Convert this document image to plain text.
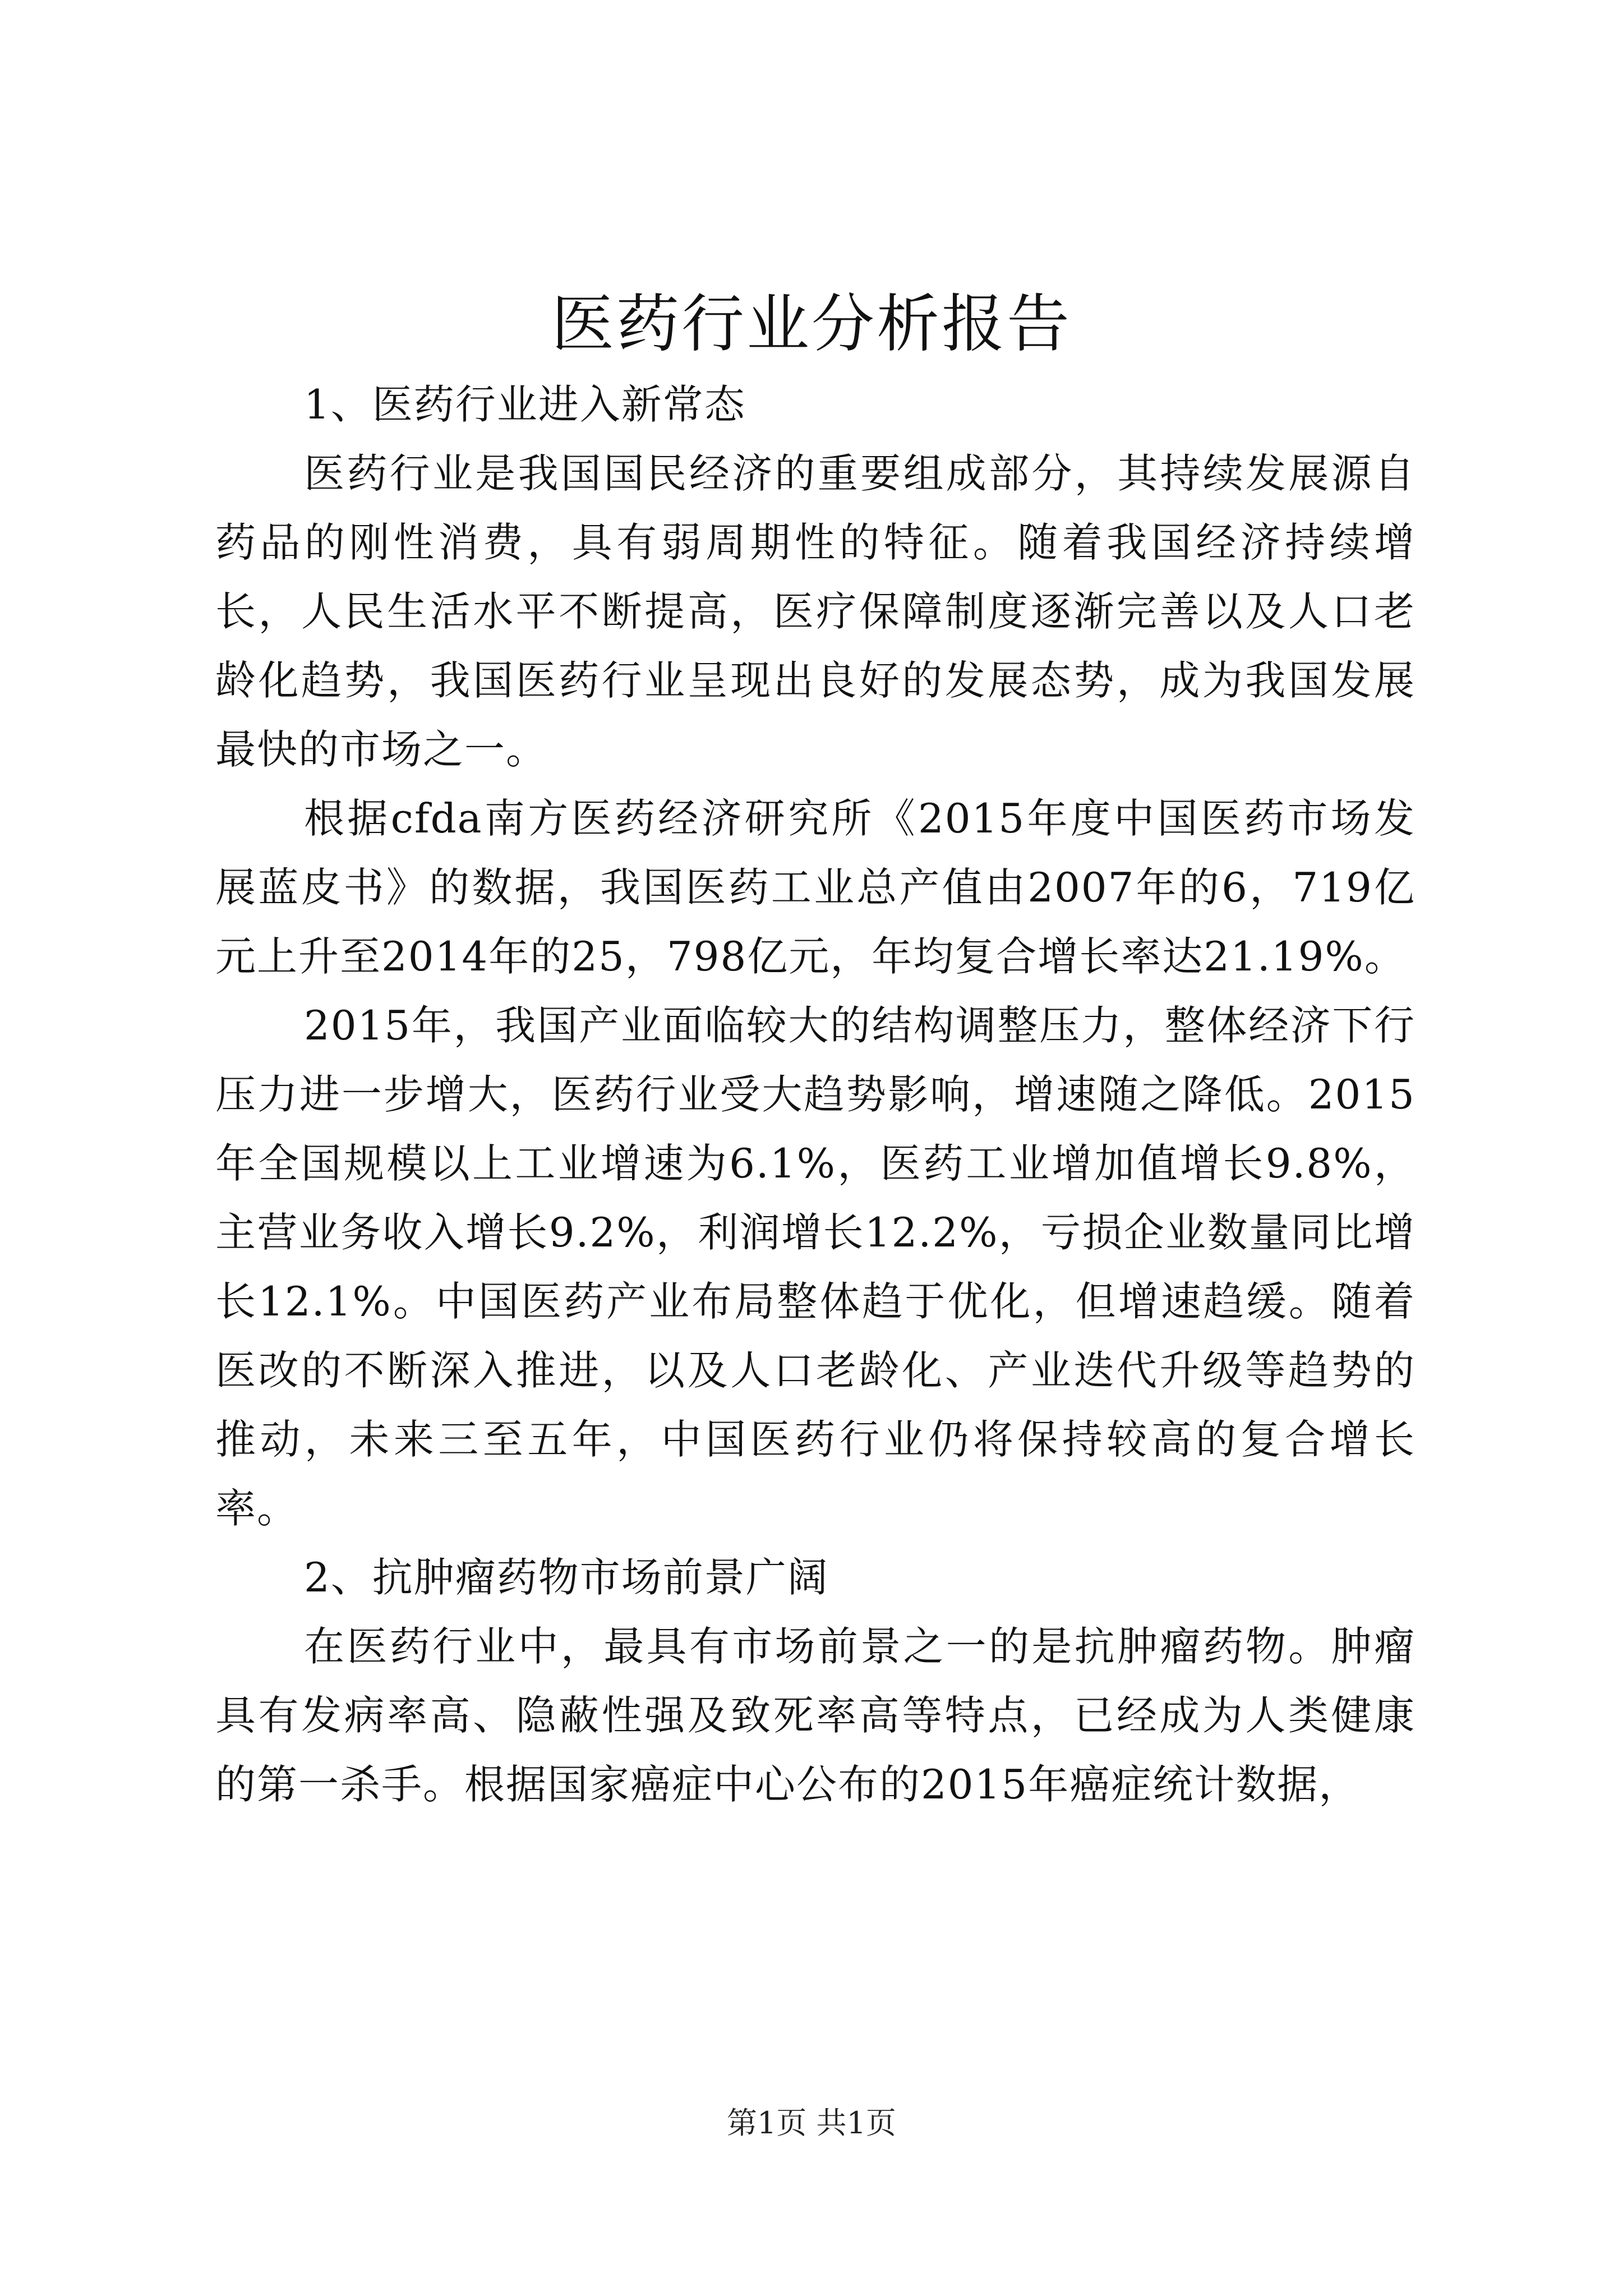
医药行业分析报告

1、医药行业进入新常态

医药行业是我国国民经济的重要组成部分，其持续发展源自药品的刚性消费，具有弱周期性的特征。随着我国经济持续增长，人民生活水平不断提高，医疗保障制度逐渐完善以及人口老龄化趋势，我国医药行业呈现出良好的发展态势，成为我国发展最快的市场之一。

根据cfda南方医药经济研究所《2015年度中国医药市场发展蓝皮书》的数据，我国医药工业总产值由2007年的6，719亿元上升至2014年的25，798亿元，年均复合增长率达21.19%。

2015年，我国产业面临较大的结构调整压力，整体经济下行压力进一步增大，医药行业受大趋势影响，增速随之降低。2015年全国规模以上工业增速为6.1%，医药工业增加值增长9.8%，主营业务收入增长9.2%，利润增长12.2%，亏损企业数量同比增长12.1%。中国医药产业布局整体趋于优化，但增速趋缓。随着医改的不断深入推进，以及人口老龄化、产业迭代升级等趋势的推动，未来三至五年，中国医药行业仍将保持较高的复合增长率。

2、抗肿瘤药物市场前景广阔

在医药行业中，最具有市场前景之一的是抗肿瘤药物。肿瘤具有发病率高、隐蔽性强及致死率高等特点，已经成为人类健康的第一杀手。根据国家癌症中心公布的2015年癌症统计数据，

第1页 共1页
